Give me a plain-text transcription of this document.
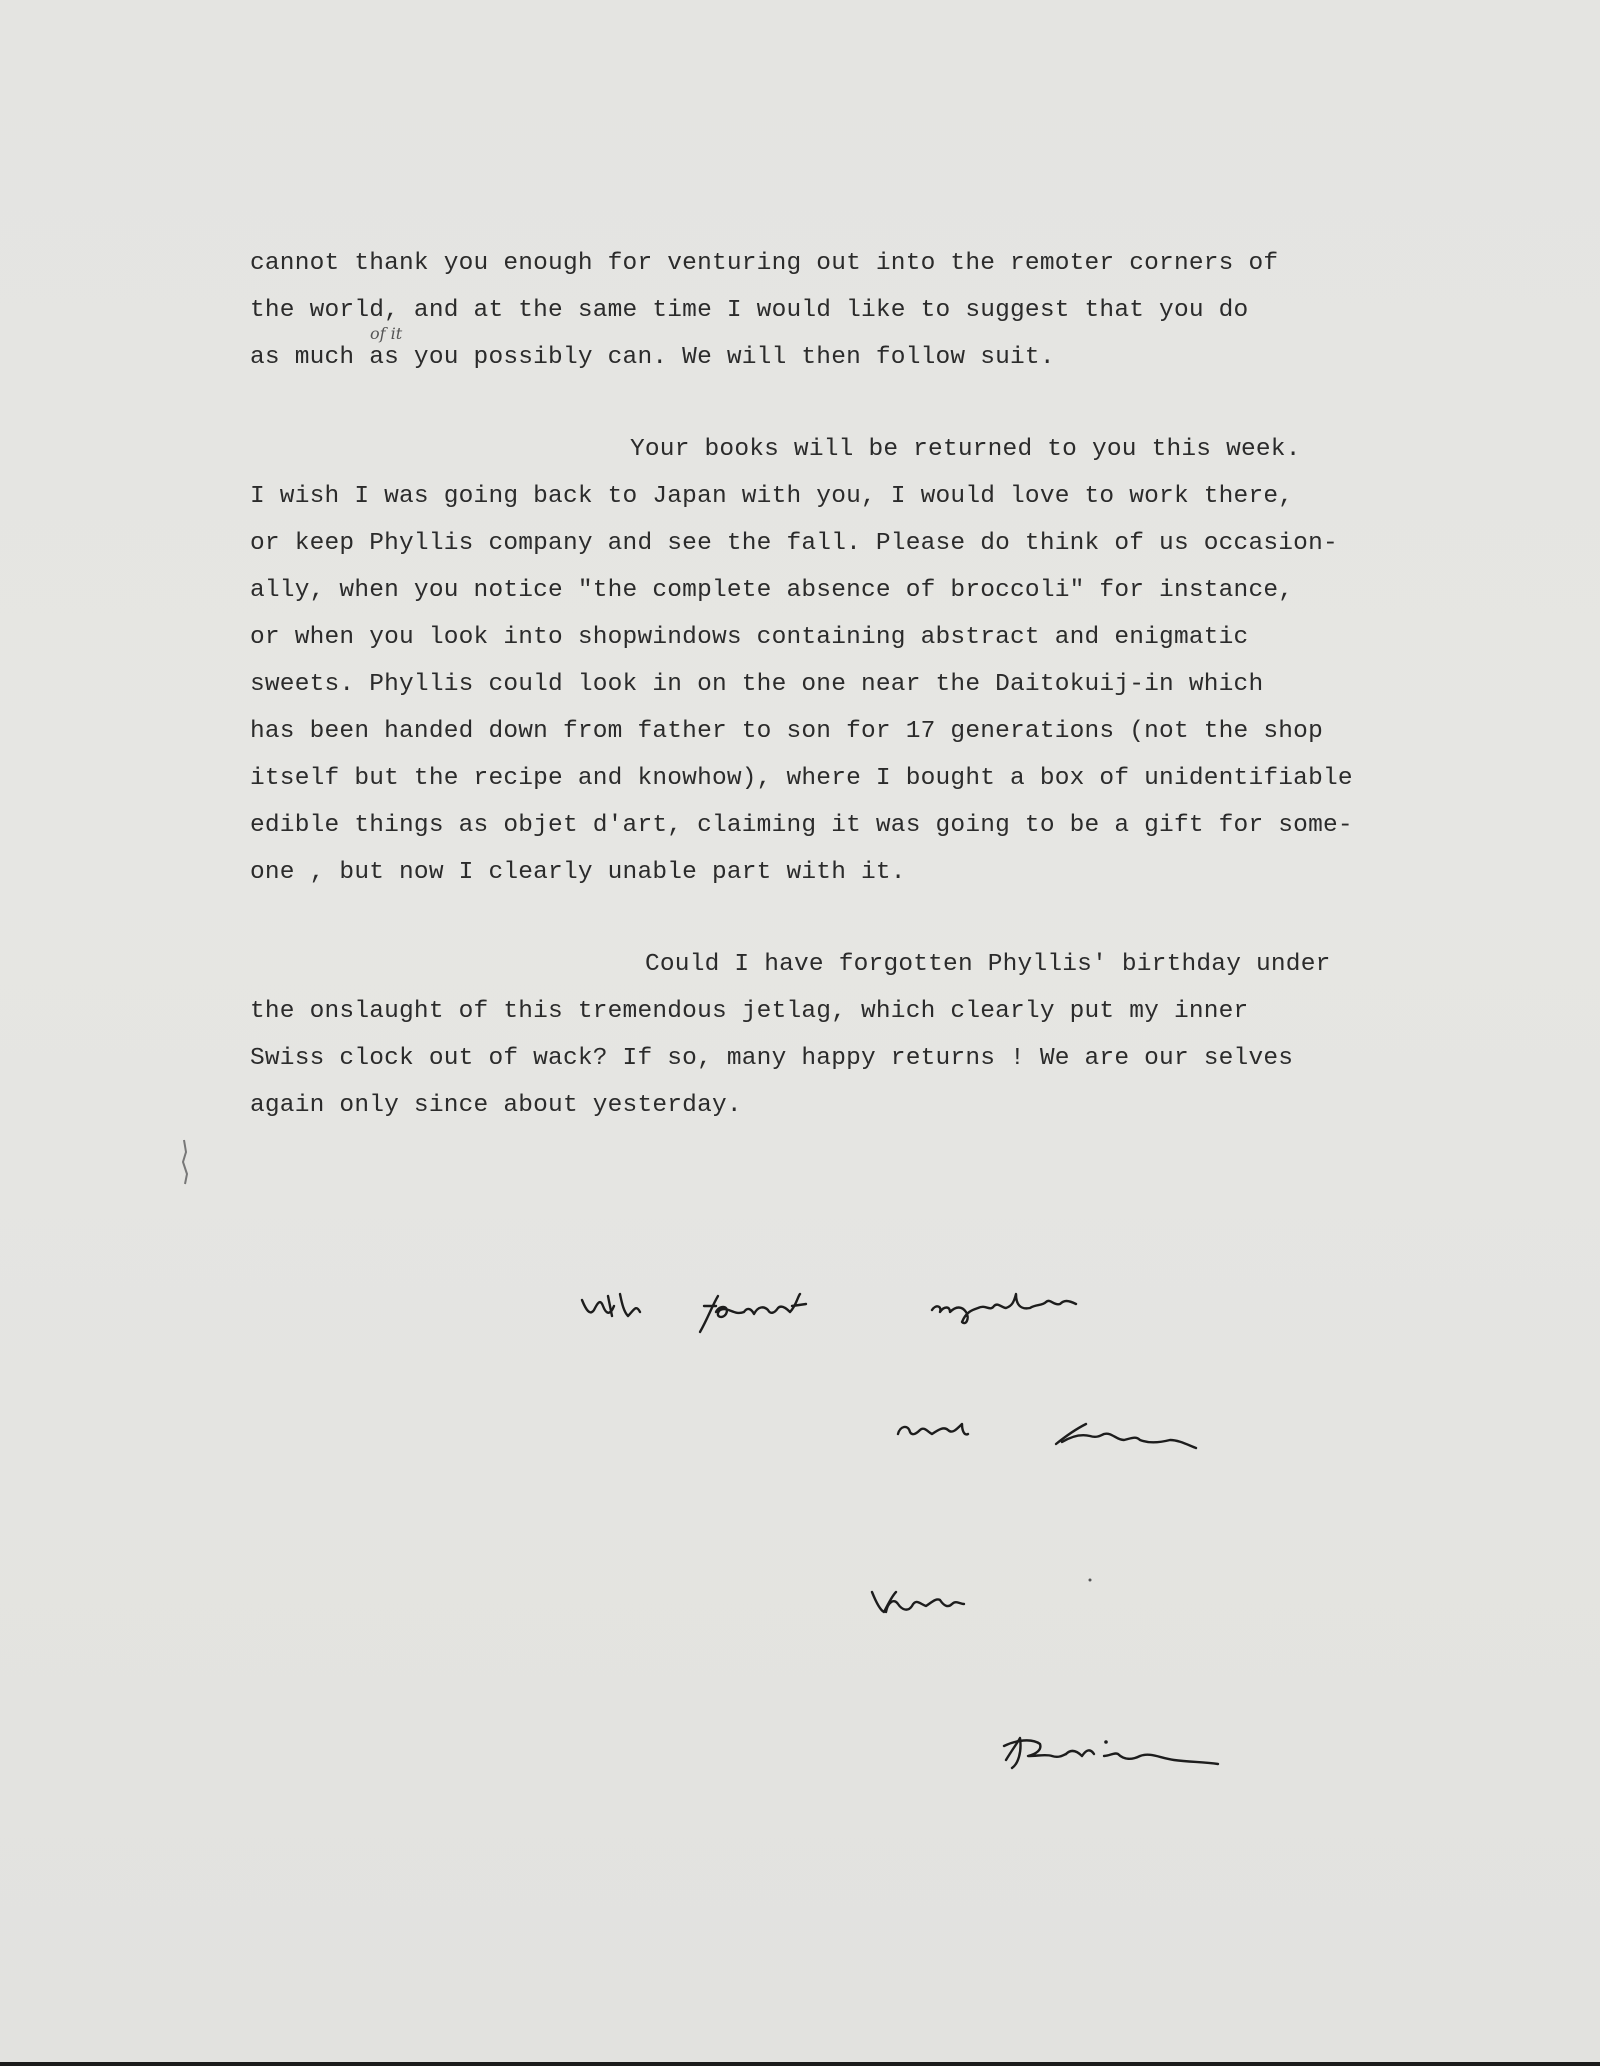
cannot thank you enough for venturing out into the remoter corners of
the world, and at the same time I would like to suggest that you do
as much as you possibly can. We will then follow suit.

Your books will be returned to you this week.
I wish I was going back to Japan with you, I would love to work there,
or keep Phyllis company and see the fall. Please do think of us occasion-
ally, when you notice "the complete absence of broccoli" for instance,
or when you look into shopwindows containing abstract and enigmatic
sweets. Phyllis could look in on the one near the Daitokuij-in which
has been handed down from father to son for 17 generations (not the shop
itself but the recipe and knowhow), where I bought a box of unidentifiable
edible things as objet d'art, claiming it was going to be a gift for some-
one , but now I clearly unable part with it.

Could I have forgotten Phyllis' birthday under
the onslaught of this tremendous jetlag, which clearly put my inner
Swiss clock out of wack? If so, many happy returns ! We are our selves
again only since about yesterday.

of it
